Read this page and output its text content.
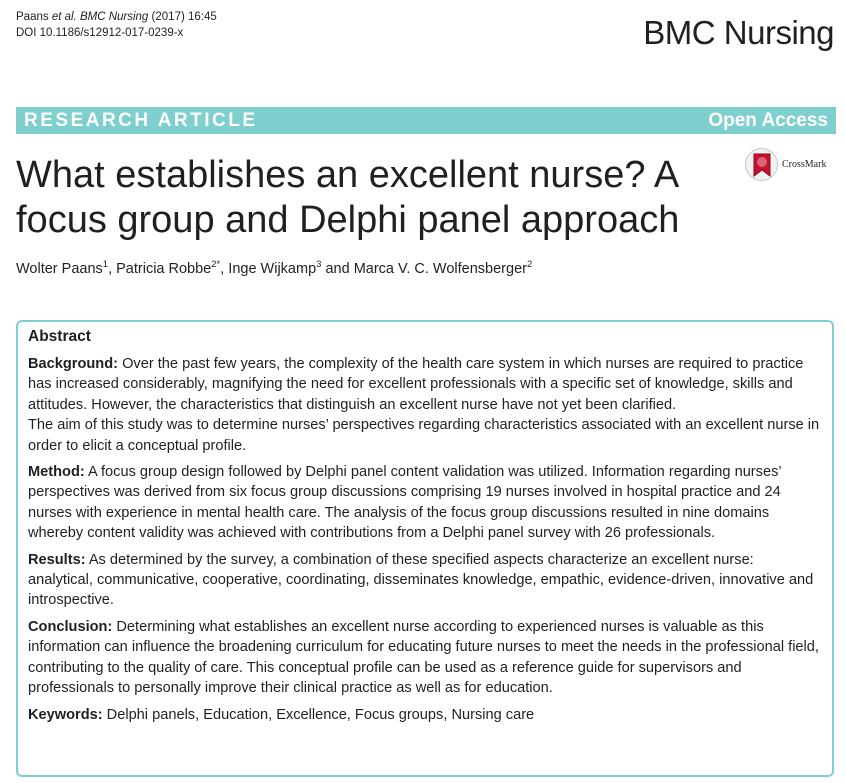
Paans et al. BMC Nursing (2017) 16:45
DOI 10.1186/s12912-017-0239-x	BMC Nursing
RESEARCH ARTICLE	Open Access
CrossMark
What establishes an excellent nurse? A focus group and Delphi panel approach
Wolter Paans$^1$, Patricia Robbe$^{2*}$, Inge Wijkamp$^3$ and Marca V. C. Wolfensberger$^2$
Abstract

Background: Over the past few years, the complexity of the health care system in which nurses are required to practice has increased considerably, magnifying the need for excellent professionals with a specific set of knowledge, skills and attitudes. However, the characteristics that distinguish an excellent nurse have not yet been clarified.

The aim of this study was to determine nurses’ perspectives regarding characteristics associated with an excellent nurse in order to elicit a conceptual profile.

Method: A focus group design followed by Delphi panel content validation was utilized. Information regarding nurses’ perspectives was derived from six focus group discussions comprising 19 nurses involved in hospital practice and 24 nurses with experience in mental health care. The analysis of the focus group discussions resulted in nine domains whereby content validity was achieved with contributions from a Delphi panel survey with 26 professionals.

Results: As determined by the survey, a combination of these specified aspects characterize an excellent nurse: analytical, communicative, cooperative, coordinating, disseminates knowledge, empathic, evidence-driven, innovative and introspective.

Conclusion: Determining what establishes an excellent nurse according to experienced nurses is valuable as this information can influence the broadening curriculum for educating future nurses to meet the needs in the professional field, contributing to the quality of care. This conceptual profile can be used as a reference guide for supervisors and professionals to personally improve their clinical practice as well as for education.

Keywords: Delphi panels, Education, Excellence, Focus groups, Nursing care
